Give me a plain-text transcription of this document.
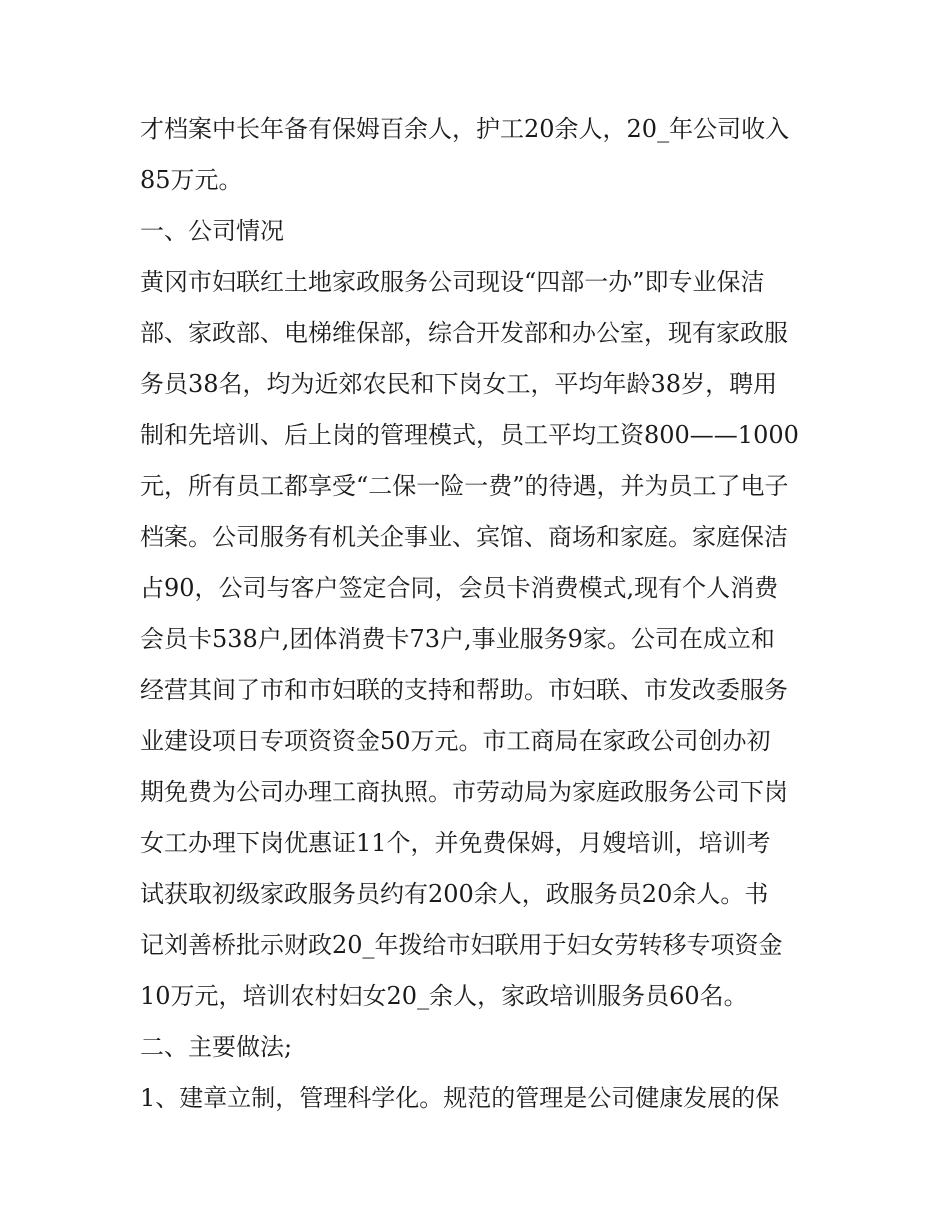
才档案中长年备有保姆百余人，护工20余人，20_年公司收入
85万元。
一、公司情况
黄冈市妇联红土地家政服务公司现设“四部一办”即专业保洁
部、家政部、电梯维保部，综合开发部和办公室，现有家政服
务员38名，均为近郊农民和下岗女工，平均年龄38岁，聘用
制和先培训、后上岗的管理模式，员工平均工资800——1000
元，所有员工都享受“二保一险一费”的待遇，并为员工了电子
档案。公司服务有机关企事业、宾馆、商场和家庭。家庭保洁
占90，公司与客户签定合同，会员卡消费模式,现有个人消费
会员卡538户,团体消费卡73户,事业服务9家。公司在成立和
经营其间了市和市妇联的支持和帮助。市妇联、市发改委服务
业建设项日专项资资金50万元。市工商局在家政公司创办初
期免费为公司办理工商执照。市劳动局为家庭政服务公司下岗
女工办理下岗优惠证11个，并免费保姆，月嫂培训，培训考
试获取初级家政服务员约有200余人，政服务员20余人。书
记刘善桥批示财政20_年拨给市妇联用于妇女劳转移专项资金
10万元，培训农村妇女20_余人，家政培训服务员60名。
二、主要做法;
1、建章立制，管理科学化。规范的管理是公司健康发展的保
